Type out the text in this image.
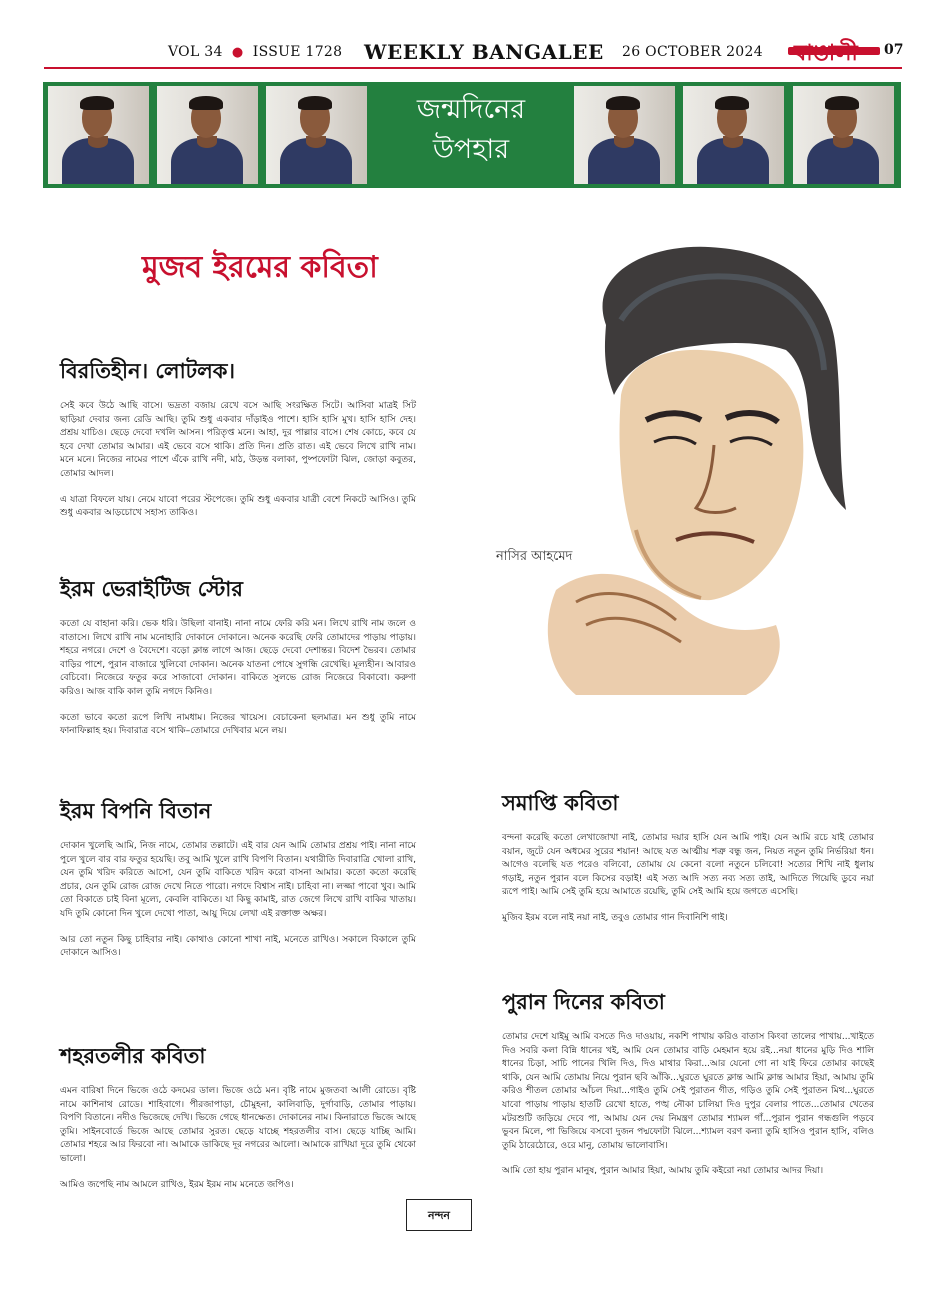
VOL 34  ●  ISSUE 1728 WEEKLY BANGALEE 26 OCTOBER 2024 বাঙালী 07
জন্মদিনের
উপহার
মুজব ইরমের কবিতা
নাসির আহমেদ
বিরতিহীন। লোটলক।

সেই কবে উঠে আছি বাসে। ভদ্রতা বজায় রেখে বসে আছি সংরক্ষিত সিটে। আসিবা মাত্রই সিট ছাড়িয়া দেবার জন্য রেডি আছি। তুমি শুধু একবার দাঁড়াইও পাশে। হাসি হাসি মুখ। হাসি হাসি দেহ। প্রশ্রয় যাচিও। ছেড়ে দেবো দখলি আসন। পরিতৃপ্ত মনে। আহা, দুর পাল্লার বাসে। শেষ কোচে, কবে যে হবে দেখা তোমার আমার। এই ভেবে বসে থাকি। প্রতি দিন। প্রতি রাত। এই ভেবে লিখে রাখি নাম। মনে মনে। নিজের নামের পাশে এঁকে রাখি নদী, মাঠ, উড়ন্ত বলাকা, পুষ্পফোটা ঝিল, জোড়া কবুতর, তোমার আদল।

এ যাত্রা বিফলে যায়। নেমে যাবো পরের স্টপেজে। তুমি শুধু একবার যাত্রী বেশে নিকটে আসিও। তুমি শুধু একবার আড়চোখে সহাস্য তাকিও।

ইরম ভেরাইটিজ স্টোর

কতো যে বাহানা করি। ভেক ধরি। উছিলা বানাই। নানা নামে ফেরি করি মন। লিখে রাখি নাম জলে ও বাতাসে। লিখে রাখি নাম মনোহারি দোকানে দোকানে। অনেক করেছি ফেরি তোমাদের পাড়ায় পাড়ায়। শহরে নগরে। দেশে ও বৈদেশে। বড়ো ক্লান্ত লাগে আজ। ছেড়ে দেবো দেশান্তর। বিদেশ ভৈরব। তোমার বাড়ির পাশে, পুরান বাজারে খুলিবো দোকান। অনেক যাতনা পোষে সুগন্ধি রেখেছি। মূল্যহীন। আবারও বেচিবো। নিজেরে ফতুর করে সাজাবো দোকান। বাকিতে সুলভে রোজ নিজেরে বিকাবো। করুণা করিও। আজ বাকি কাল তুমি নগদে কিনিও।

কতো ভাবে কতো রূপে লিখি নামধাম। নিজের খায়েস। বেচাকেনা ছলমাত্র। মন শুধু তুমি নামে ফানাফিল্লাহ হয়। দিবারাত্র বসে থাকি–তোমারে দেখিবার মনে লয়।

ইরম বিপনি বিতান

দোকান খুলেছি আমি, নিজ নামে, তোমার তল্লাটে। এই বার যেন আমি তোমার প্রশ্রয় পাই। নানা নামে পুলে খুলে বার বার ফতুর হয়েছি। তবু আমি খুলে রাখি বিপণি বিতান। যথারীতি দিবারাত্রি খোলা রাখি, যেন তুমি খরিদ করিতে আসো, যেন তুমি বাকিতে খরিদ করো বাসনা আমার। কতো কতো করেছি প্রচার, যেন তুমি রোজ রোজ দেখে নিতে পারো। নগদে বিশ্বাস নাই। চাহিবা না। লজ্জা পাবো খুব। আমি তো বিকাতে চাই বিনা মূল্যে, কেবলি বাকিতে। যা কিছু কামাই, রাত জেগে লিখে রাখি বাকির খাতায়। যদি তুমি কোনো দিন খুলে দেখো পাতা, আয়ু দিয়ে লেখা এই রক্তাক্ত অক্ষর।

আর তো নতুন কিছু চাহিবার নাই। কোথাও কোনো শাখা নাই, মনেতে রাখিও। সকালে বিকালে তুমি দোকানে আসিও।

শহরতলীর কবিতা

এমন বারিষা দিনে ভিজে ওঠে কদমের ডাল। ভিজে ওঠে মন। বৃষ্টি নামে মুজতবা আলী রোডে। বৃষ্টি নামে কাশিনাথ রোডে। শাহিবাগে। পীরজাপাড়া, চৌমুহনা, কালিবাড়ি, দুর্গাবাড়ি, তোমার পাড়ায়। বিপণি বিতানে। নদীও ভিজেছে দেখি। ভিজে গেছে ধানক্ষেত। দোকানের নাম। কিনারাতে ভিজে আছে তুমি। সাইনবোর্ডে ভিজে আছে তোমার সুরত। ছেড়ে যাচ্ছে শহরতলীর বাস। ছেড়ে যাচ্ছি আমি। তোমার শহরে আর ফিরবো না। আমাকে ডাকিছে দূর নগরের আলো। আমাকে রাখিয়া দূরে তুমি থেকো ভালো।

আমিও জপেছি নাম আমলে রাখিও, ইরম ইরম নাম মনেতে জপিও।

সমাপ্তি কবিতা

বন্দনা করেছি কতো লেখাজোখা নাই, তোমার দয়ার হাসি যেন আমি পাই। যেন আমি রচে যাই তোমার বয়ান, জুটে যেন অধমের সুরের শয়ান! আছে যত আত্মীয় শত্রু বন্ধু জন, নিয়ত নতুন তুমি নির্ভরিয়া ধন। আগেও বলেছি যত পরেও বলিবো, তোমায় যে কেনো বলো নতুনে চলিবো! সত্যের শিখি নাই ধুলায় গড়াই, নতুন পুরান বলে কিসের বড়াই! এই সত্য আদি সত্য নব্য সত্য তাই, আদিতে গিয়েছি ডুবে নয়া রূপে পাই। আমি সেই তুমি হয়ে আমাতে রয়েছি, তুমি সেই আমি হয়ে জগতে এসেছি।

মুজিব ইরম বলে নাই নয়া নাই, তবুও তোমার গান দিবানিশি গাই।

পুরান দিনের কবিতা

তোমার দেশে যাইমু আমি বসতে দিও দাওয়ায়, নকশি পাখায় করিও বাতাস কিংবা তালের পাখায়...খাইতে দিও সবরি কলা বিন্নি ধানের খই, আমি যেন তোমার বাড়ি মেহমান হয়ে রই...নয়া ধানের মুড়ি দিও শালি ধানের চিড়া, সাচি পানের খিলি দিও, দিও মাথার কিরা...আর যেনো গো না যাই ফিরে তোমার কাছেই থাকি, যেন আমি তোমায় নিয়ে পুরান ছবি আঁকি...ঘুরতে ঘুরতে ক্লান্ত আমি ক্লান্ত আমার হিয়া, আমায় তুমি করিও শীতল তোমার আঁচল দিয়া...গাইও তুমি সেই পুরাতন গীত, গড়িও তুমি সেই পুরাতন মিথ...ঘুরতে যাবো পাড়ায় পাড়ায় হাতটি রেখো হাতে, পঙ্খ নৌকা চালিয়া দিও দুপুর বেলার পাতে...তোমার খেতের মটরশুটি জড়িয়ে দেবে পা, আমায় যেন দেয় নিমন্ত্রণ তোমার শ্যামল গাঁ...পুরান পুরান গন্ধগুলি পড়বে ভুবন মিলে, পা ভিজিয়ে বসবো দুজন পদ্মফোটা ঝিলে...শ্যামল বরণ কন্যা তুমি হাসিও পুরান হাসি, বলিও তুমি ঠারেঠোরে, ওরে মানু, তোমায় ভালোবাসি।

আমি তো হায় পুরান মানুষ, পুরান আমার হিয়া, আমায় তুমি কইরো নয়া তোমার আদর দিয়া।

নন্দন
